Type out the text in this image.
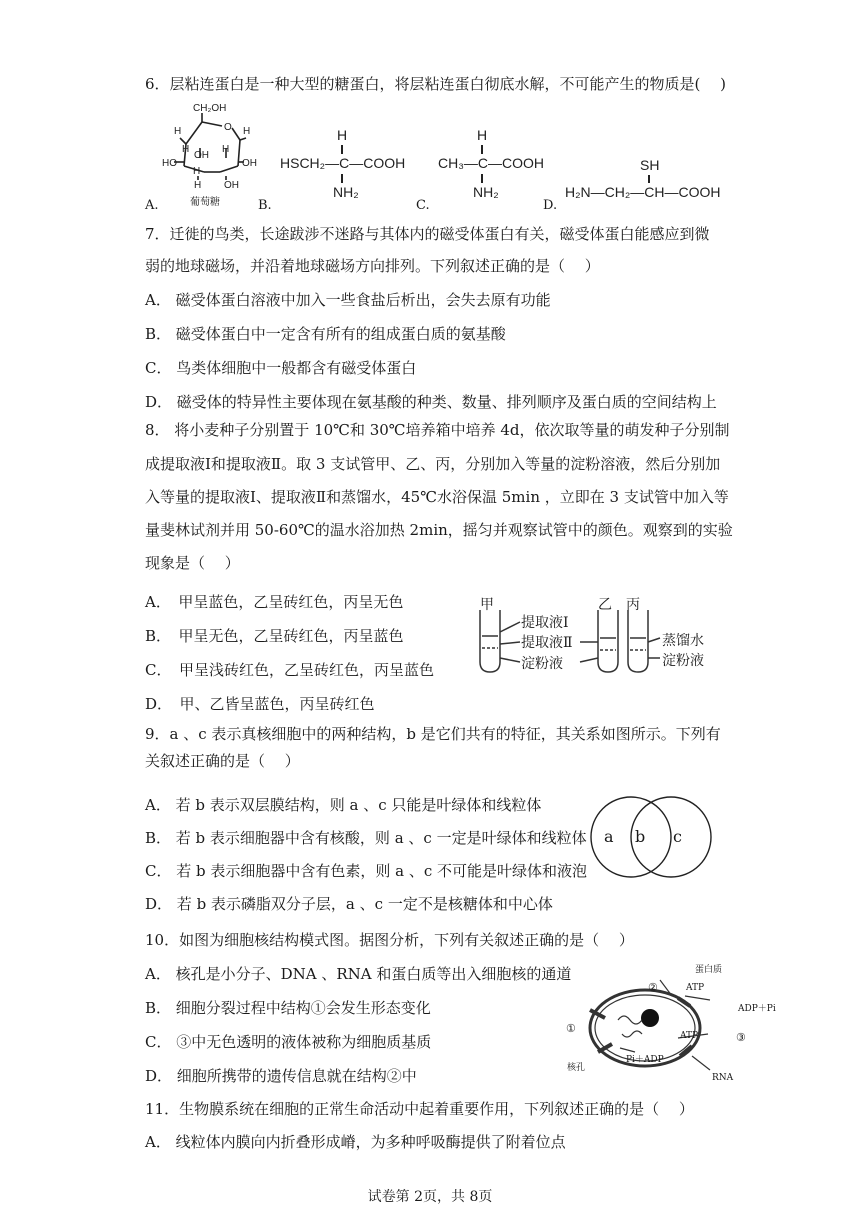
6．层粘连蛋白是一种大型的糖蛋白，将层粘连蛋白彻底水解，不可能产生的物质是(　 )
CH₂OH
O
H	H
H
OH
H
HO	OH
H
H OH
葡萄糖
A.	B.	C.	D.
H
HSCH₂—C—COOH
NH₂
H
CH₃—C—COOH
NH₂
SH
H₂N—CH₂—CH—COOH
7．迁徙的鸟类，长途跋涉不迷路与其体内的磁受体蛋白有关，磁受体蛋白能感应到微
弱的地球磁场，并沿着地球磁场方向排列。下列叙述正确的是（　 ）
A． 磁受体蛋白溶液中加入一些食盐后析出，会失去原有功能
B． 磁受体蛋白中一定含有所有的组成蛋白质的氨基酸
C． 鸟类体细胞中一般都含有磁受体蛋白
D． 磁受体的特异性主要体现在氨基酸的种类、数量、排列顺序及蛋白质的空间结构上
8． 将小麦种子分别置于 10℃和 30℃培养箱中培养 4d，依次取等量的萌发种子分别制
成提取液Ⅰ和提取液Ⅱ。取 3 支试管甲、乙、丙，分别加入等量的淀粉溶液，然后分别加
入等量的提取液Ⅰ、提取液Ⅱ和蒸馏水，45℃水浴保温 5min ，立即在 3 支试管中加入等
量斐林试剂并用 50-60℃的温水浴加热 2min，摇匀并观察试管中的颜色。观察到的实验
现象是（　 ）
A．　甲呈蓝色，乙呈砖红色，丙呈无色
B．　甲呈无色，乙呈砖红色，丙呈蓝色
C．　甲呈浅砖红色，乙呈砖红色，丙呈蓝色
D．　甲、乙皆呈蓝色，丙呈砖红色
甲	乙 丙
提取液Ⅰ
提取液Ⅱ
淀粉液
蒸馏水
淀粉液
9．a 、c 表示真核细胞中的两种结构，b 是它们共有的特征，其关系如图所示。下列有
关叙述正确的是（　 ）
A． 若 b 表示双层膜结构，则 a 、c 只能是叶绿体和线粒体
B． 若 b 表示细胞器中含有核酸，则 a 、c 一定是叶绿体和线粒体
C． 若 b 表示细胞器中含有色素，则 a 、c 不可能是叶绿体和液泡
D． 若 b 表示磷脂双分子层，a 、c 一定不是核糖体和中心体
a b c
10．如图为细胞核结构模式图。据图分析，下列有关叙述正确的是（　 ）
A． 核孔是小分子、DNA 、RNA 和蛋白质等出入细胞核的通道
B． 细胞分裂过程中结构①会发生形态变化
C． ③中无色透明的液体被称为细胞质基质
D． 细胞所携带的遗传信息就在结构②中
蛋白质
ATP
ADP＋Pi
②
①
③
ATP
Pi＋ADP
核孔
RNA
11．生物膜系统在细胞的正常生命活动中起着重要作用，下列叙述正确的是（　 ）
A． 线粒体内膜向内折叠形成嵴，为多种呼吸酶提供了附着位点
试卷第 2页，共 8页
